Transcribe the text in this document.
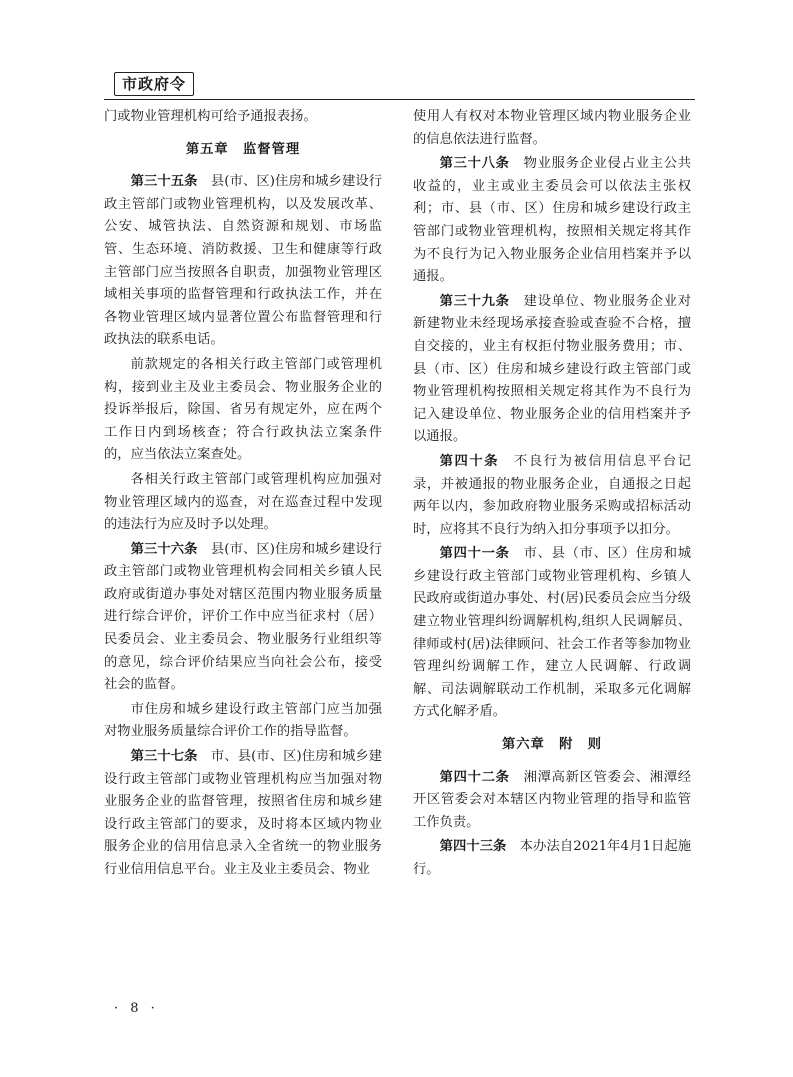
市政府令

门或物业管理机构可给予通报表扬。

第五章　监督管理

第三十五条　县(市、区)住房和城乡建设行政主管部门或物业管理机构，以及发展改革、公安、城管执法、自然资源和规划、市场监管、生态环境、消防救援、卫生和健康等行政主管部门应当按照各自职责，加强物业管理区域相关事项的监督管理和行政执法工作，并在各物业管理区域内显著位置公布监督管理和行政执法的联系电话。

前款规定的各相关行政主管部门或管理机构，接到业主及业主委员会、物业服务企业的投诉举报后，除国、省另有规定外，应在两个工作日内到场核查；符合行政执法立案条件的，应当依法立案查处。

各相关行政主管部门或管理机构应加强对物业管理区域内的巡查，对在巡查过程中发现的违法行为应及时予以处理。

第三十六条　县(市、区)住房和城乡建设行政主管部门或物业管理机构会同相关乡镇人民政府或街道办事处对辖区范围内物业服务质量进行综合评价，评价工作中应当征求村（居）民委员会、业主委员会、物业服务行业组织等的意见，综合评价结果应当向社会公布，接受社会的监督。

市住房和城乡建设行政主管部门应当加强对物业服务质量综合评价工作的指导监督。

第三十七条　市、县(市、区)住房和城乡建设行政主管部门或物业管理机构应当加强对物业服务企业的监督管理，按照省住房和城乡建设行政主管部门的要求，及时将本区域内物业服务企业的信用信息录入全省统一的物业服务行业信用信息平台。业主及业主委员会、物业

使用人有权对本物业管理区域内物业服务企业的信息依法进行监督。

第三十八条　物业服务企业侵占业主公共收益的，业主或业主委员会可以依法主张权利；市、县（市、区）住房和城乡建设行政主管部门或物业管理机构，按照相关规定将其作为不良行为记入物业服务企业信用档案并予以通报。

第三十九条　建设单位、物业服务企业对新建物业未经现场承接查验或查验不合格，擅自交接的，业主有权拒付物业服务费用；市、县（市、区）住房和城乡建设行政主管部门或物业管理机构按照相关规定将其作为不良行为记入建设单位、物业服务企业的信用档案并予以通报。

第四十条　不良行为被信用信息平台记录，并被通报的物业服务企业，自通报之日起两年以内，参加政府物业服务采购或招标活动时，应将其不良行为纳入扣分事项予以扣分。

第四十一条　市、县（市、区）住房和城乡建设行政主管部门或物业管理机构、乡镇人民政府或街道办事处、村(居)民委员会应当分级建立物业管理纠纷调解机构,组织人民调解员、律师或村(居)法律顾问、社会工作者等参加物业管理纠纷调解工作，建立人民调解、行政调解、司法调解联动工作机制，采取多元化调解方式化解矛盾。

第六章　附　则

第四十二条　湘潭高新区管委会、湘潭经开区管委会对本辖区内物业管理的指导和监管工作负责。

第四十三条　本办法自2021年4月1日起施行。

· 8 ·
